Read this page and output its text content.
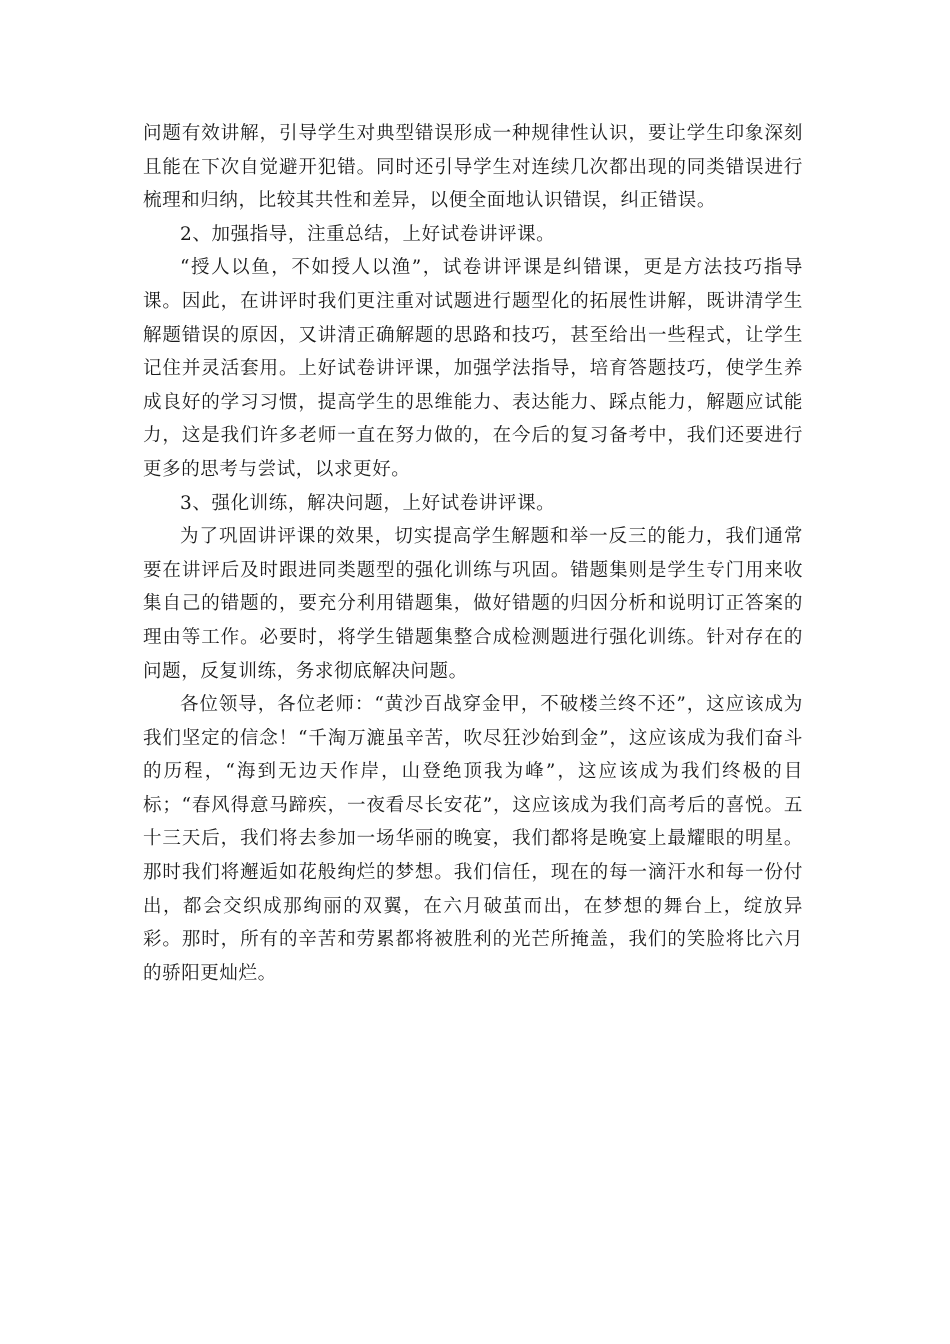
问题有效讲解，引导学生对典型错误形成一种规律性认识，要让学生印象深刻且能在下次自觉避开犯错。同时还引导学生对连续几次都出现的同类错误进行梳理和归纳，比较其共性和差异，以便全面地认识错误，纠正错误。

2、加强指导，注重总结，上好试卷讲评课。

“授人以鱼，不如授人以渔”，试卷讲评课是纠错课，更是方法技巧指导课。因此，在讲评时我们更注重对试题进行题型化的拓展性讲解，既讲清学生解题错误的原因，又讲清正确解题的思路和技巧，甚至给出一些程式，让学生记住并灵活套用。上好试卷讲评课，加强学法指导，培育答题技巧，使学生养成良好的学习习惯，提高学生的思维能力、表达能力、踩点能力，解题应试能力，这是我们许多老师一直在努力做的，在今后的复习备考中，我们还要进行更多的思考与尝试，以求更好。

3、强化训练，解决问题，上好试卷讲评课。

为了巩固讲评课的效果，切实提高学生解题和举一反三的能力，我们通常要在讲评后及时跟进同类题型的强化训练与巩固。错题集则是学生专门用来收集自己的错题的，要充分利用错题集，做好错题的归因分析和说明订正答案的理由等工作。必要时，将学生错题集整合成检测题进行强化训练。针对存在的问题，反复训练，务求彻底解决问题。

各位领导，各位老师：“黄沙百战穿金甲，不破楼兰终不还”，这应该成为我们坚定的信念！“千淘万漉虽辛苦，吹尽狂沙始到金”，这应该成为我们奋斗的历程，“海到无边天作岸，山登绝顶我为峰”，这应该成为我们终极的目标；“春风得意马蹄疾，一夜看尽长安花”，这应该成为我们高考后的喜悦。五十三天后，我们将去参加一场华丽的晚宴，我们都将是晚宴上最耀眼的明星。那时我们将邂逅如花般绚烂的梦想。我们信任，现在的每一滴汗水和每一份付出，都会交织成那绚丽的双翼，在六月破茧而出，在梦想的舞台上，绽放异彩。那时，所有的辛苦和劳累都将被胜利的光芒所掩盖，我们的笑脸将比六月的骄阳更灿烂。
